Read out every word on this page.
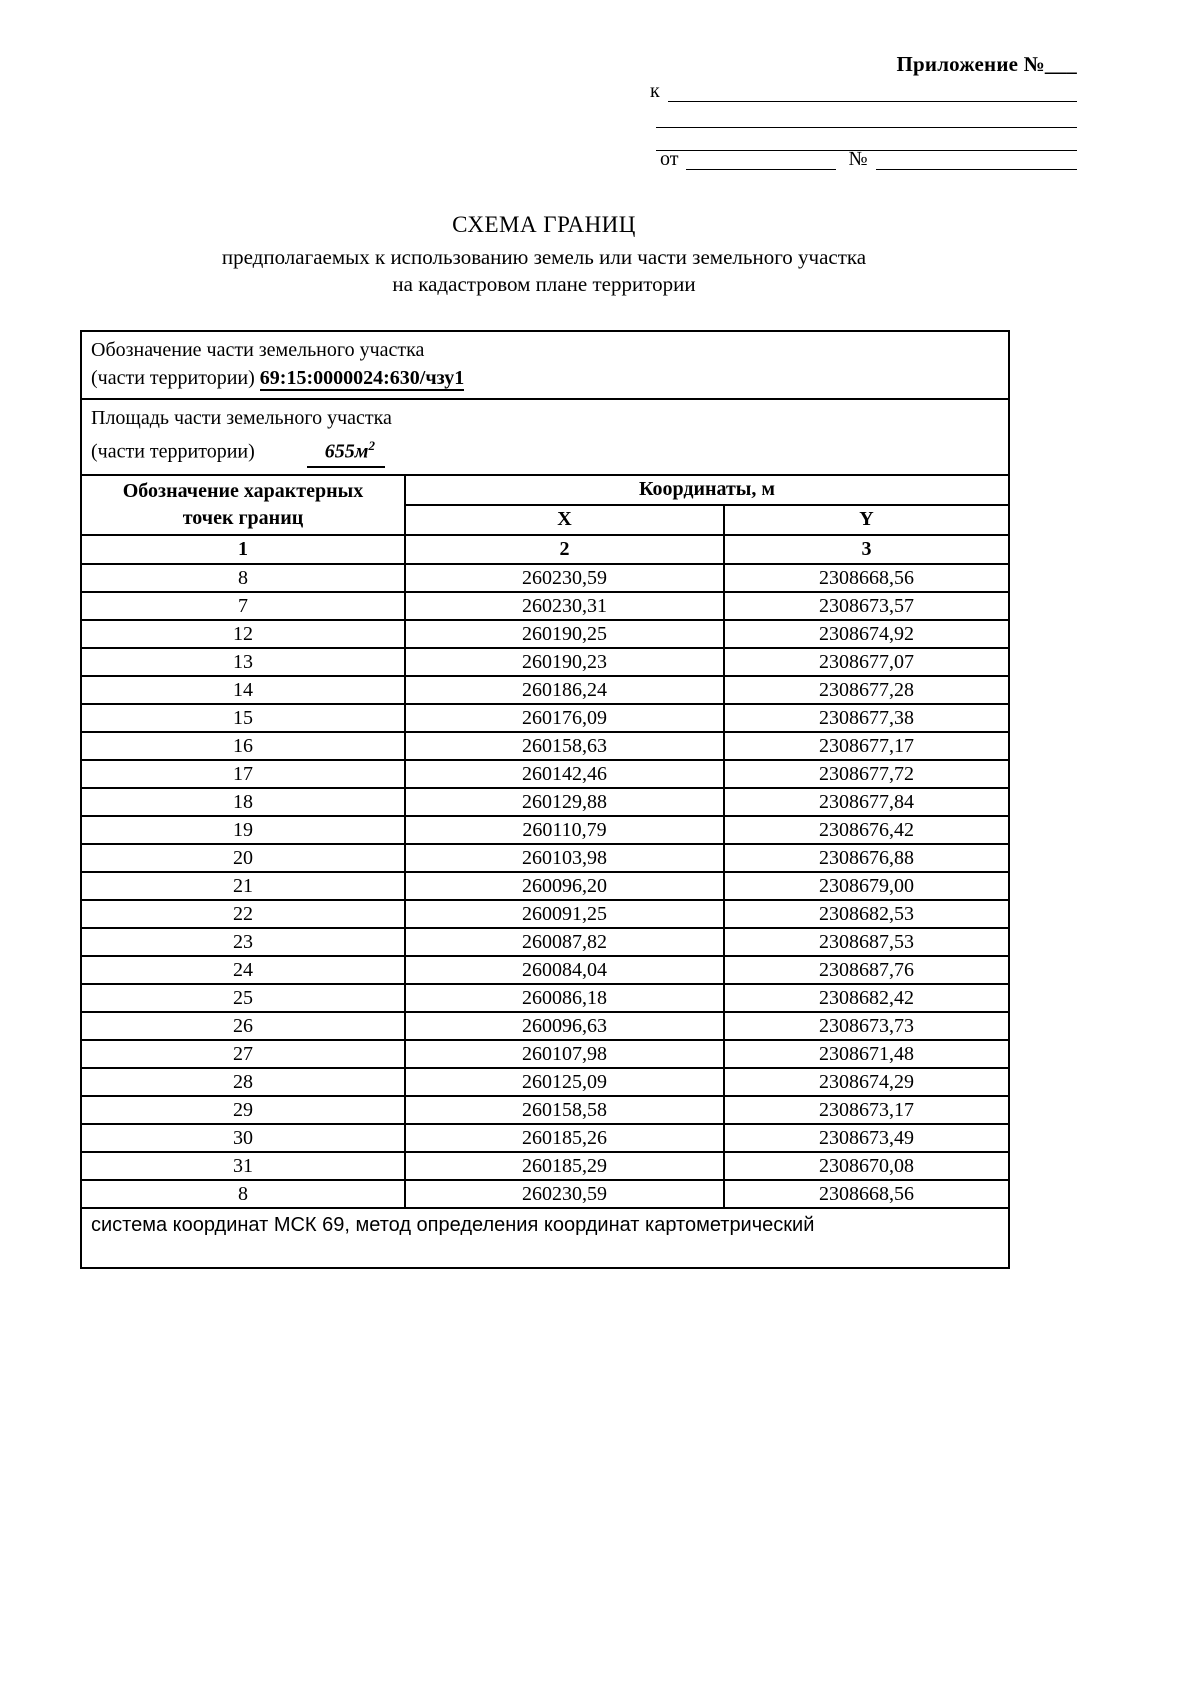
Приложение №___
к
от	№
СХЕМА ГРАНИЦ
предполагаемых к использованию земель или части земельного участка
на кадастровом плане территории
Обозначение части земельного участка
(части территории) 69:15:0000024:630/чзу1		

Площадь части земельного участка
(части территории) $655м^2$

Обозначение характерных точек границ	Координаты, м	
	X	Y
1	2	3
8	260230,59	2308668,56
7	260230,31	2308673,57
12	260190,25	2308674,92
13	260190,23	2308677,07
14	260186,24	2308677,28
15	260176,09	2308677,38
16	260158,63	2308677,17
17	260142,46	2308677,72
18	260129,88	2308677,84
19	260110,79	2308676,42
20	260103,98	2308676,88
21	260096,20	2308679,00
22	260091,25	2308682,53
23	260087,82	2308687,53
24	260084,04	2308687,76
25	260086,18	2308682,42
26	260096,63	2308673,73
27	260107,98	2308671,48
28	260125,09	2308674,29
29	260158,58	2308673,17
30	260185,26	2308673,49
31	260185,29	2308670,08
8	260230,59	2308668,56
система координат МСК 69, метод определения координат картометрический		
